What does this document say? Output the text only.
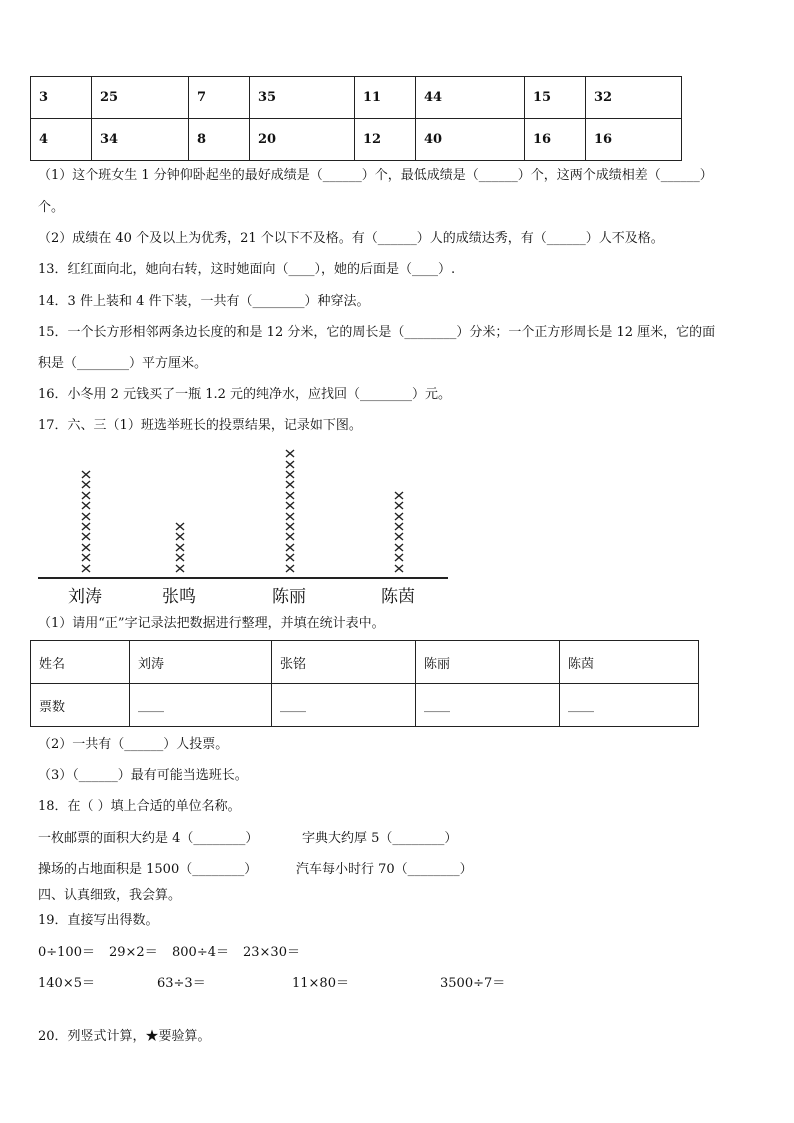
3	25	7	35	11	44	15	32
4	34	8	20	12	40	16	16
（1）这个班女生 1 分钟仰卧起坐的最好成绩是（______）个，最低成绩是（______）个，这两个成绩相差（______）
个。
（2）成绩在 40 个及以上为优秀，21 个以下不及格。有（______）人的成绩达秀，有（______）人不及格。
13．红红面向北，她向右转，这时她面向（____），她的后面是（____）.
14．3 件上装和 4 件下装，一共有（________）种穿法。
15．一个长方形相邻两条边长度的和是 12 分米，它的周长是（________）分米；一个正方形周长是 12 厘米，它的面
积是（________）平方厘米。
16．小冬用 2 元钱买了一瓶 1.2 元的纯净水，应找回（________）元。
17．六、三（1）班选举班长的投票结果，记录如下图。
刘涛	张鸣	陈丽	陈茵
（1）请用“正”字记录法把数据进行整理，并填在统计表中。
姓名	刘涛	张铭	陈丽	陈茵
票数	____	____	____	____
（2）一共有（______）人投票。
（3）（______）最有可能当选班长。
18．在（ ）填上合适的单位名称。
一枚邮票的面积大约是 4（________）	字典大约厚 5（________）
操场的占地面积是 1500（________）	汽车每小时行 70（________）
四、认真细致，我会算。
19．直接写出得数。
0÷100＝ 29×2＝ 800÷4＝ 23×30＝
140×5＝	63÷3＝	11×80＝	3500÷7＝
20．列竖式计算，★要验算。
